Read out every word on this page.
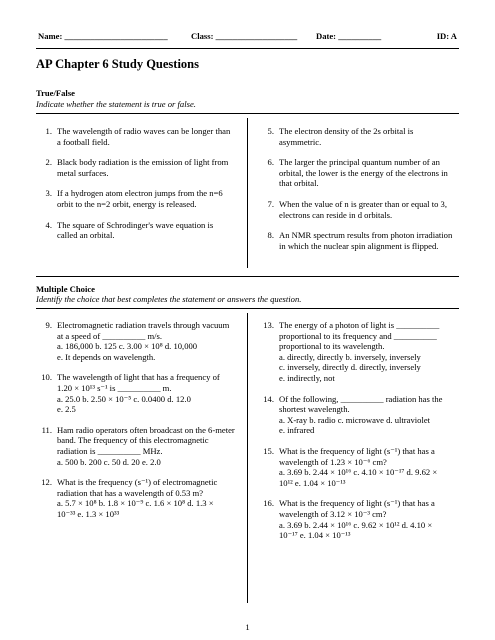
Name: ________________________	Class: ___________________ Date: __________	ID: A
AP Chapter 6 Study Questions
True/False
Indicate whether the statement is true or false.
1. The wavelength of radio waves can be longer than
a football field.
2. Black body radiation is the emission of light from
metal surfaces.
3. If a hydrogen atom electron jumps from the n=6
orbit to the n=2 orbit, energy is released.
4. The square of Schrodinger's wave equation is
called an orbital.
5. The electron density of the 2s orbital is
asymmetric.
6. The larger the principal quantum number of an
orbital, the lower is the energy of the electrons in
that orbital.
7. When the value of n is greater than or equal to 3,
electrons can reside in d orbitals.
8. An NMR spectrum results from photon irradiation
in which the nuclear spin alignment is flipped.
Multiple Choice
Identify the choice that best completes the statement or answers the question.
9. Electromagnetic radiation travels through vacuum
at a speed of __________ m/s.
a. 186,000 b. 125 c. 3.00 × 10⁸ d. 10,000
e. It depends on wavelength.
10. The wavelength of light that has a frequency of
1.20 × 10¹³ s⁻¹ is __________ m.
a. 25.0 b. 2.50 × 10⁻⁵ c. 0.0400 d. 12.0
e. 2.5
11. Ham radio operators often broadcast on the 6-meter
band. The frequency of this electromagnetic
radiation is __________ MHz.
a. 500 b. 200 c. 50 d. 20 e. 2.0
12. What is the frequency (s⁻¹) of electromagnetic
radiation that has a wavelength of 0.53 m?
a. 5.7 × 10⁸ b. 1.8 × 10⁻⁹ c. 1.6 × 10⁸ d. 1.3 ×
10⁻³³ e. 1.3 × 10³³
13. The energy of a photon of light is __________
proportional to its frequency and __________
proportional to its wavelength.
a. directly, directly b. inversely, inversely
c. inversely, directly d. directly, inversely
e. indirectly, not
14. Of the following, __________ radiation has the
shortest wavelength.
a. X-ray b. radio c. microwave d. ultraviolet
e. infrared
15. What is the frequency of light (s⁻¹) that has a
wavelength of 1.23 × 10⁻⁶ cm?
a. 3.69 b. 2.44 × 10¹⁶ c. 4.10 × 10⁻¹⁷ d. 9.62 ×
10¹² e. 1.04 × 10⁻¹³
16. What is the frequency of light (s⁻¹) that has a
wavelength of 3.12 × 10⁻³ cm?
a. 3.69 b. 2.44 × 10¹⁶ c. 9.62 × 10¹² d. 4.10 ×
10⁻¹⁷ e. 1.04 × 10⁻¹³
1
